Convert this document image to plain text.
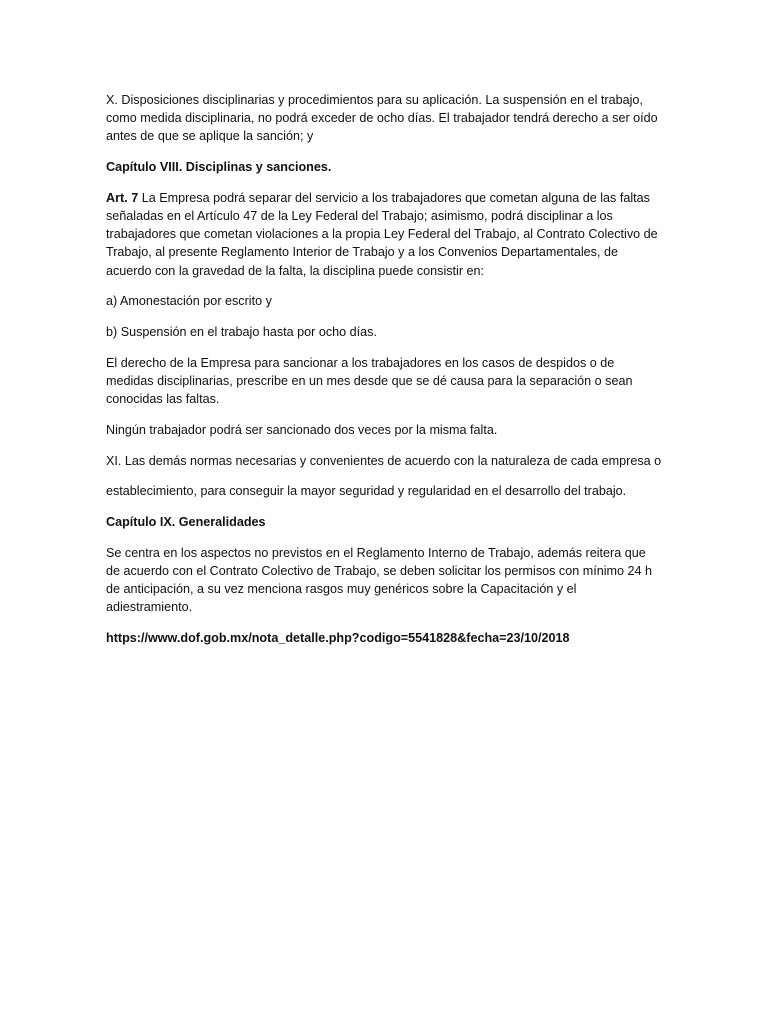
X. Disposiciones disciplinarias y procedimientos para su aplicación. La suspensión en el trabajo, como medida disciplinaria, no podrá exceder de ocho días. El trabajador tendrá derecho a ser oído antes de que se aplique la sanción; y

Capítulo VIII. Disciplinas y sanciones.

Art. 7 La Empresa podrá separar del servicio a los trabajadores que cometan alguna de las faltas señaladas en el Artículo 47 de la Ley Federal del Trabajo; asimismo, podrá disciplinar a los trabajadores que cometan violaciones a la propia Ley Federal del Trabajo, al Contrato Colectivo de Trabajo, al presente Reglamento Interior de Trabajo y a los Convenios Departamentales, de acuerdo con la gravedad de la falta, la disciplina puede consistir en:

a) Amonestación por escrito y

b) Suspensión en el trabajo hasta por ocho días.

El derecho de la Empresa para sancionar a los trabajadores en los casos de despidos o de medidas disciplinarias, prescribe en un mes desde que se dé causa para la separación o sean conocidas las faltas.

Ningún trabajador podrá ser sancionado dos veces por la misma falta.

XI. Las demás normas necesarias y convenientes de acuerdo con la naturaleza de cada empresa o

establecimiento, para conseguir la mayor seguridad y regularidad en el desarrollo del trabajo.

Capítulo IX. Generalidades

Se centra en los aspectos no previstos en el Reglamento Interno de Trabajo, además reitera que de acuerdo con el Contrato Colectivo de Trabajo, se deben solicitar los permisos con mínimo 24 h de anticipación, a su vez menciona rasgos muy genéricos sobre la Capacitación y el adiestramiento.

https://www.dof.gob.mx/nota_detalle.php?codigo=5541828&fecha=23/10/2018
